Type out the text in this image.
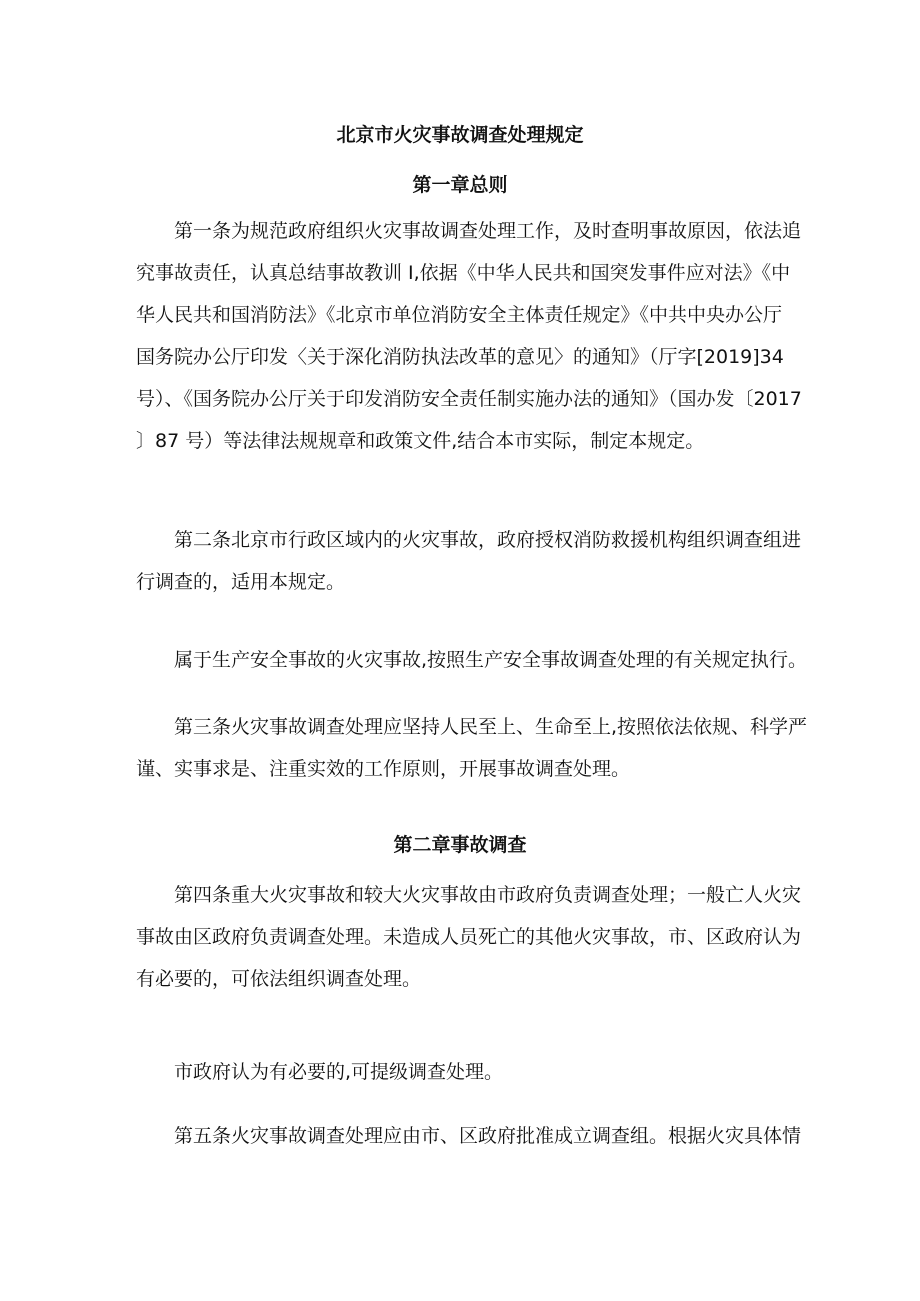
北京市火灾事故调查处理规定
第一章总则
第一条为规范政府组织火灾事故调查处理工作，及时查明事故原因，依法追
究事故责任，认真总结事故教训 I,依据《中华人民共和国突发事件应对法》《中
华人民共和国消防法》《北京市单位消防安全主体责任规定》《中共中央办公厅
国务院办公厅印发〈关于深化消防执法改革的意见〉的通知》（厅字[2019]34
号）、《国务院办公厅关于印发消防安全责任制实施办法的通知》（国办发〔2017
〕87 号）等法律法规规章和政策文件,结合本市实际，制定本规定。
第二条北京市行政区域内的火灾事故，政府授权消防救援机构组织调查组进
行调查的，适用本规定。
属于生产安全事故的火灾事故,按照生产安全事故调查处理的有关规定执行。
第三条火灾事故调查处理应坚持人民至上、生命至上,按照依法依规、科学严
谨、实事求是、注重实效的工作原则，开展事故调查处理。
第二章事故调查
第四条重大火灾事故和较大火灾事故由市政府负责调查处理；一般亡人火灾
事故由区政府负责调查处理。未造成人员死亡的其他火灾事故，市、区政府认为
有必要的，可依法组织调查处理。
市政府认为有必要的,可提级调查处理。
第五条火灾事故调查处理应由市、区政府批准成立调查组。根据火灾具体情
